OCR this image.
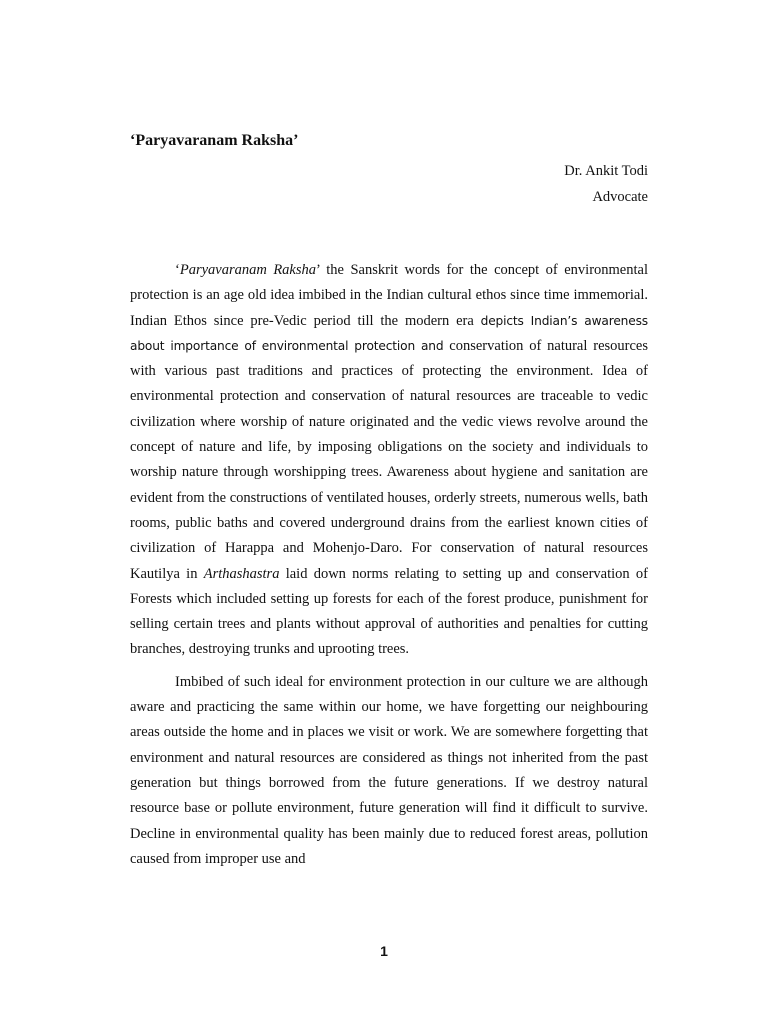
‘Paryavaranam Raksha’
Dr. Ankit Todi
Advocate

‘Paryavaranam Raksha’ the Sanskrit words for the concept of environmental protection is an age old idea imbibed in the Indian cultural ethos since time immemorial. Indian Ethos since pre-Vedic period till the modern era depicts Indian’s awareness about importance of environmental protection and conservation of natural resources with various past traditions and practices of protecting the environment. Idea of environmental protection and conservation of natural resources are traceable to vedic civilization where worship of nature originated and the vedic views revolve around the concept of nature and life, by imposing obligations on the society and individuals to worship nature through worshipping trees. Awareness about hygiene and sanitation are evident from the constructions of ventilated houses, orderly streets, numerous wells, bath rooms, public baths and covered underground drains from the earliest known cities of civilization of Harappa and Mohenjo-Daro. For conservation of natural resources Kautilya in Arthashastra laid down norms relating to setting up and conservation of Forests which included setting up forests for each of the forest produce, punishment for selling certain trees and plants without approval of authorities and penalties for cutting branches, destroying trunks and uprooting trees.

Imbibed of such ideal for environment protection in our culture we are although aware and practicing the same within our home, we have forgetting our neighbouring areas outside the home and in places we visit or work. We are somewhere forgetting that environment and natural resources are considered as things not inherited from the past generation but things borrowed from the future generations. If we destroy natural resource base or pollute environment, future generation will find it difficult to survive. Decline in environmental quality has been mainly due to reduced forest areas, pollution caused from improper use and

1
